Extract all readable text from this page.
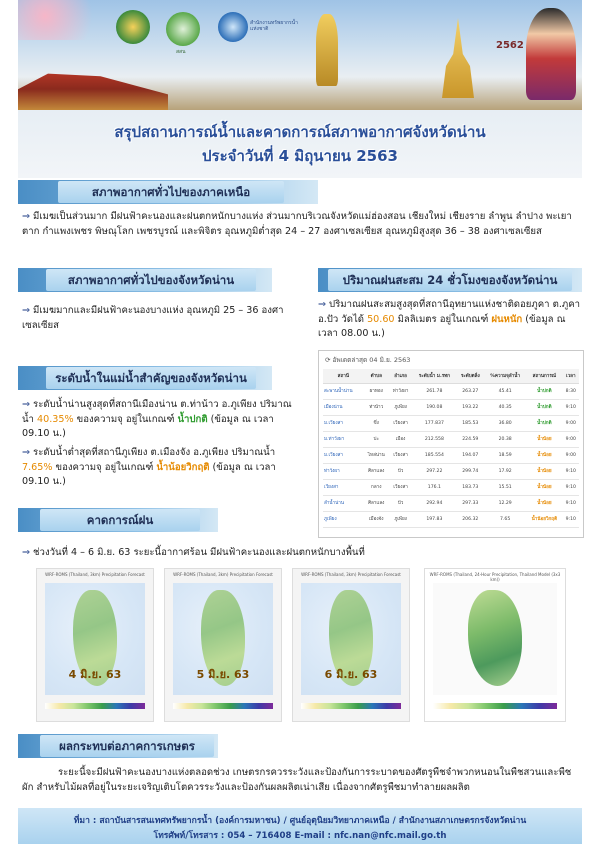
สสน
สำนักงานทรัพยากรน้ำแห่งชาติ
2562
สรุปสถานการณ์น้ำและคาดการณ์สภาพอากาศจังหวัดน่าน
ประจำวันที่ 4 มิถุนายน 2563
สภาพอากาศทั่วไปของภาคเหนือ
⇒ มีเมฆเป็นส่วนมาก มีฝนฟ้าคะนองและฝนตกหนักบางแห่ง ส่วนมากบริเวณจังหวัดแม่ฮ่องสอน เชียงใหม่ เชียงราย ลำพูน ลำปาง พะเยา ตาก กำแพงเพชร พิษณุโลก เพชรบูรณ์ และพิจิตร อุณหภูมิต่ำสุด 24 – 27 องศาเซลเซียส อุณหภูมิสูงสุด 36 – 38 องศาเซลเซียส
สภาพอากาศทั่วไปของจังหวัดน่าน
⇒ มีเมฆมากและมีฝนฟ้าคะนองบางแห่ง อุณหภูมิ 25 – 36 องศาเซลเซียส
ปริมาณฝนสะสม 24 ชั่วโมงของจังหวัดน่าน
⇒ ปริมาณฝนสะสมสูงสุดที่สถานีอุทยานแห่งชาติดอยภูคา ต.ภูคา อ.ปัว วัดได้ 50.60 มิลลิเมตร อยู่ในเกณฑ์ ฝนหนัก (ข้อมูล ณ เวลา 08.00 น.)
⟳ อัพเดตล่าสุด 04 มิ.ย. 2563
สถานี	ตำบล	อำเภอ	ระดับน้ำ ม.รทก	ระดับตลิ่ง	%ความจุลำน้ำ	สถานการณ์	เวลา
สะพานน้ำน่าน	ผาทอง	ท่าวังผา	261.78	263.27	45.41	น้ำปกติ	8:30
เมืองน่าน	ท่าน้าว	ภูเพียง	190.08	193.22	40.35	น้ำปกติ	9:10
ม.เวียงสา	ขึ่ง	เวียงสา	177.837	185.53	36.80	น้ำปกติ	9:00
ม.ท่าวังผา	ปะ	เมือง	212.558	224.59	20.38	น้ำน้อย	9:00
ม.เวียงสา	ไหล่น่าน	เวียงสา	185.554	194.07	18.59	น้ำน้อย	9:00
ท่าวังผา	ศิลาแลง	ปัว	297.22	299.74	17.92	น้ำน้อย	9:10
เวียงสา	กลาง	เวียงสา	176.1	183.73	15.51	น้ำน้อย	9:10
ลำน้ำน่าน	ศิลาแลง	ปัว	292.94	297.33	12.29	น้ำน้อย	9:10
ภูเพียง	เมืองจัง	ภูเพียง	197.83	206.32	7.65	น้ำน้อยวิกฤติ	9:10
ระดับน้ำในแม่น้ำสำคัญของจังหวัดน่าน
⇒ ระดับน้ำน่านสูงสุดที่สถานีเมืองน่าน ต.ท่าน้าว อ.ภูเพียง ปริมาณน้ำ 40.35% ของความจุ อยู่ในเกณฑ์ น้ำปกติ (ข้อมูล ณ เวลา 09.10 น.)
⇒ ระดับน้ำต่ำสุดที่สถานีภูเพียง ต.เมืองจัง อ.ภูเพียง ปริมาณน้ำ 7.65% ของความจุ อยู่ในเกณฑ์ น้ำน้อยวิกฤติ (ข้อมูล ณ เวลา 09.10 น.)
คาดการณ์ฝน
⇒ ช่วงวันที่ 4 – 6 มิ.ย. 63 ระยะนี้อากาศร้อน มีฝนฟ้าคะนองและฝนตกหนักบางพื้นที่
WRF-ROMS (Thailand, 3km) Precipitation Forecast
4 มิ.ย. 63
WRF-ROMS (Thailand, 3km) Precipitation Forecast
5 มิ.ย. 63
WRF-ROMS (Thailand, 3km) Precipitation Forecast
6 มิ.ย. 63
WRF-ROMS (Thailand, 24-Hour Precipitation, Thailand Model (3x3 km))
ผลกระทบต่อภาคการเกษตร
ระยะนี้จะมีฝนฟ้าคะนองบางแห่งตลอดช่วง เกษตรกรควรระวังและป้องกันการระบาดของศัตรูพืชจำพวกหนอนในพืชสวนและพืชผัก สำหรับไม้ผลที่อยู่ในระยะเจริญเติบโตควรระวังและป้องกันผลผลิตเน่าเสีย เนื่องจากศัตรูพืชมาทำลายผลผลิต
ที่มา : สถาบันสารสนเทศทรัพยากรน้ำ (องค์การมหาชน) / ศูนย์อุตุนิยมวิทยาภาคเหนือ / สำนักงานสภาเกษตรกรจังหวัดน่าน
โทรศัพท์/โทรสาร : 054 – 716408 E-mail : nfc.nan@nfc.mail.go.th
